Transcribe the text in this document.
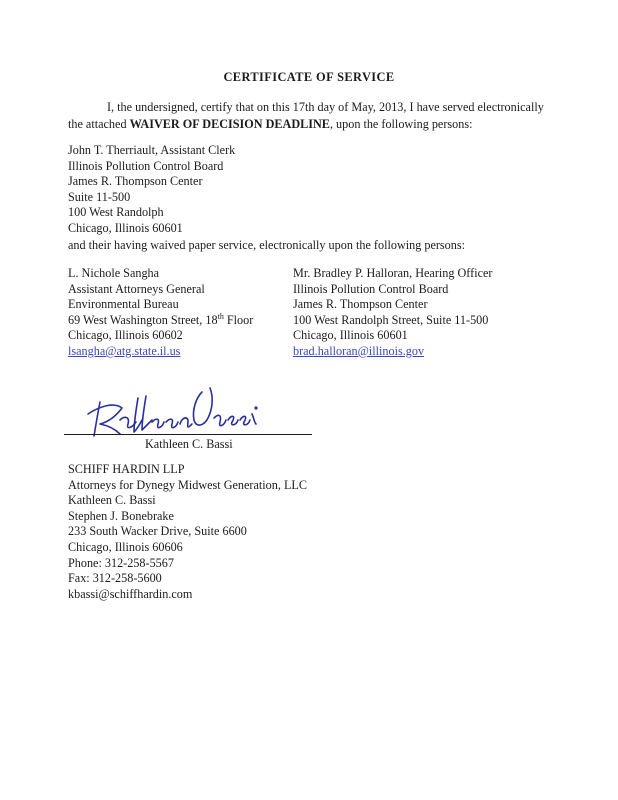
CERTIFICATE OF SERVICE
I, the undersigned, certify that on this 17th day of May, 2013, I have served electronically
the attached WAIVER OF DECISION DEADLINE, upon the following persons:
John T. Therriault, Assistant Clerk
Illinois Pollution Control Board
James R. Thompson Center
Suite 11-500
100 West Randolph
Chicago, Illinois 60601
and their having waived paper service, electronically upon the following persons:
L. Nichole Sangha
Assistant Attorneys General
Environmental Bureau
69 West Washington Street, 18th Floor
Chicago, Illinois 60602
lsangha@atg.state.il.us
Mr. Bradley P. Halloran, Hearing Officer
Illinois Pollution Control Board
James R. Thompson Center
100 West Randolph Street, Suite 11-500
Chicago, Illinois 60601
brad.halloran@illinois.gov
Kathleen C. Bassi
SCHIFF HARDIN LLP
Attorneys for Dynegy Midwest Generation, LLC
Kathleen C. Bassi
Stephen J. Bonebrake
233 South Wacker Drive, Suite 6600
Chicago, Illinois 60606
Phone: 312-258-5567
Fax: 312-258-5600
kbassi@schiffhardin.com
